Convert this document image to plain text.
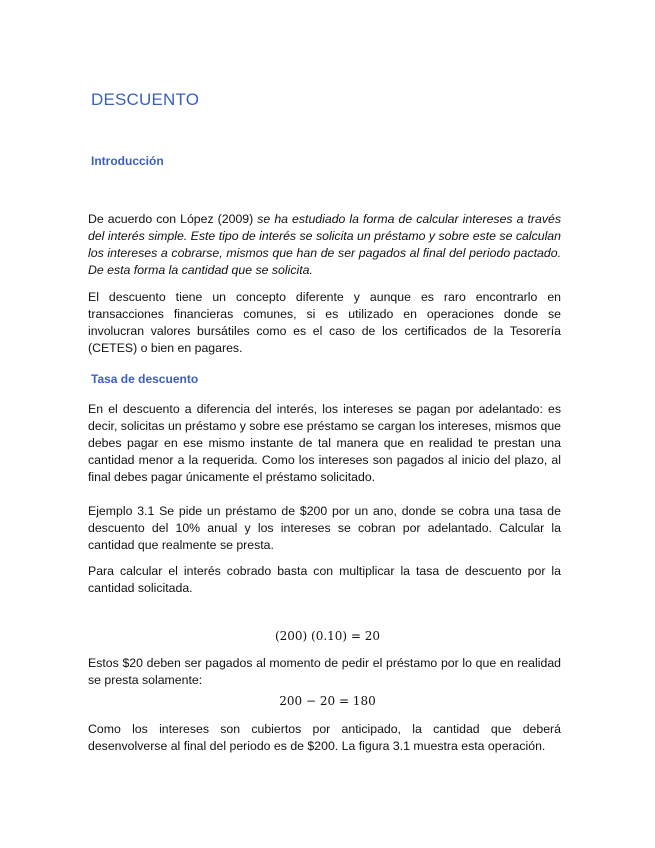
DESCUENTO
Introducción

De acuerdo con López (2009) se ha estudiado la forma de calcular intereses a través del interés simple. Este tipo de interés se solicita un préstamo y sobre este se calculan los intereses a cobrarse, mismos que han de ser pagados al final del periodo pactado. De esta forma la cantidad que se solicita.

El descuento tiene un concepto diferente y aunque es raro encontrarlo en transacciones financieras comunes, si es utilizado en operaciones donde se involucran valores bursátiles como es el caso de los certificados de la Tesorería (CETES) o bien en pagares.

Tasa de descuento

En el descuento a diferencia del interés, los intereses se pagan por adelantado: es decir, solicitas un préstamo y sobre ese préstamo se cargan los intereses, mismos que debes pagar en ese mismo instante de tal manera que en realidad te prestan una cantidad menor a la requerida. Como los intereses son pagados al inicio del plazo, al final debes pagar únicamente el préstamo solicitado.

Ejemplo 3.1 Se pide un préstamo de $200 por un ano, donde se cobra una tasa de descuento del 10% anual y los intereses se cobran por adelantado. Calcular la cantidad que realmente se presta.

Para calcular el interés cobrado basta con multiplicar la tasa de descuento por la cantidad solicitada.

(200) (0.10) = 20

Estos $20 deben ser pagados al momento de pedir el préstamo por lo que en realidad se presta solamente:

200 − 20 = 180

Como los intereses son cubiertos por anticipado, la cantidad que deberá desenvolverse al final del periodo es de $200. La figura 3.1 muestra esta operación.
